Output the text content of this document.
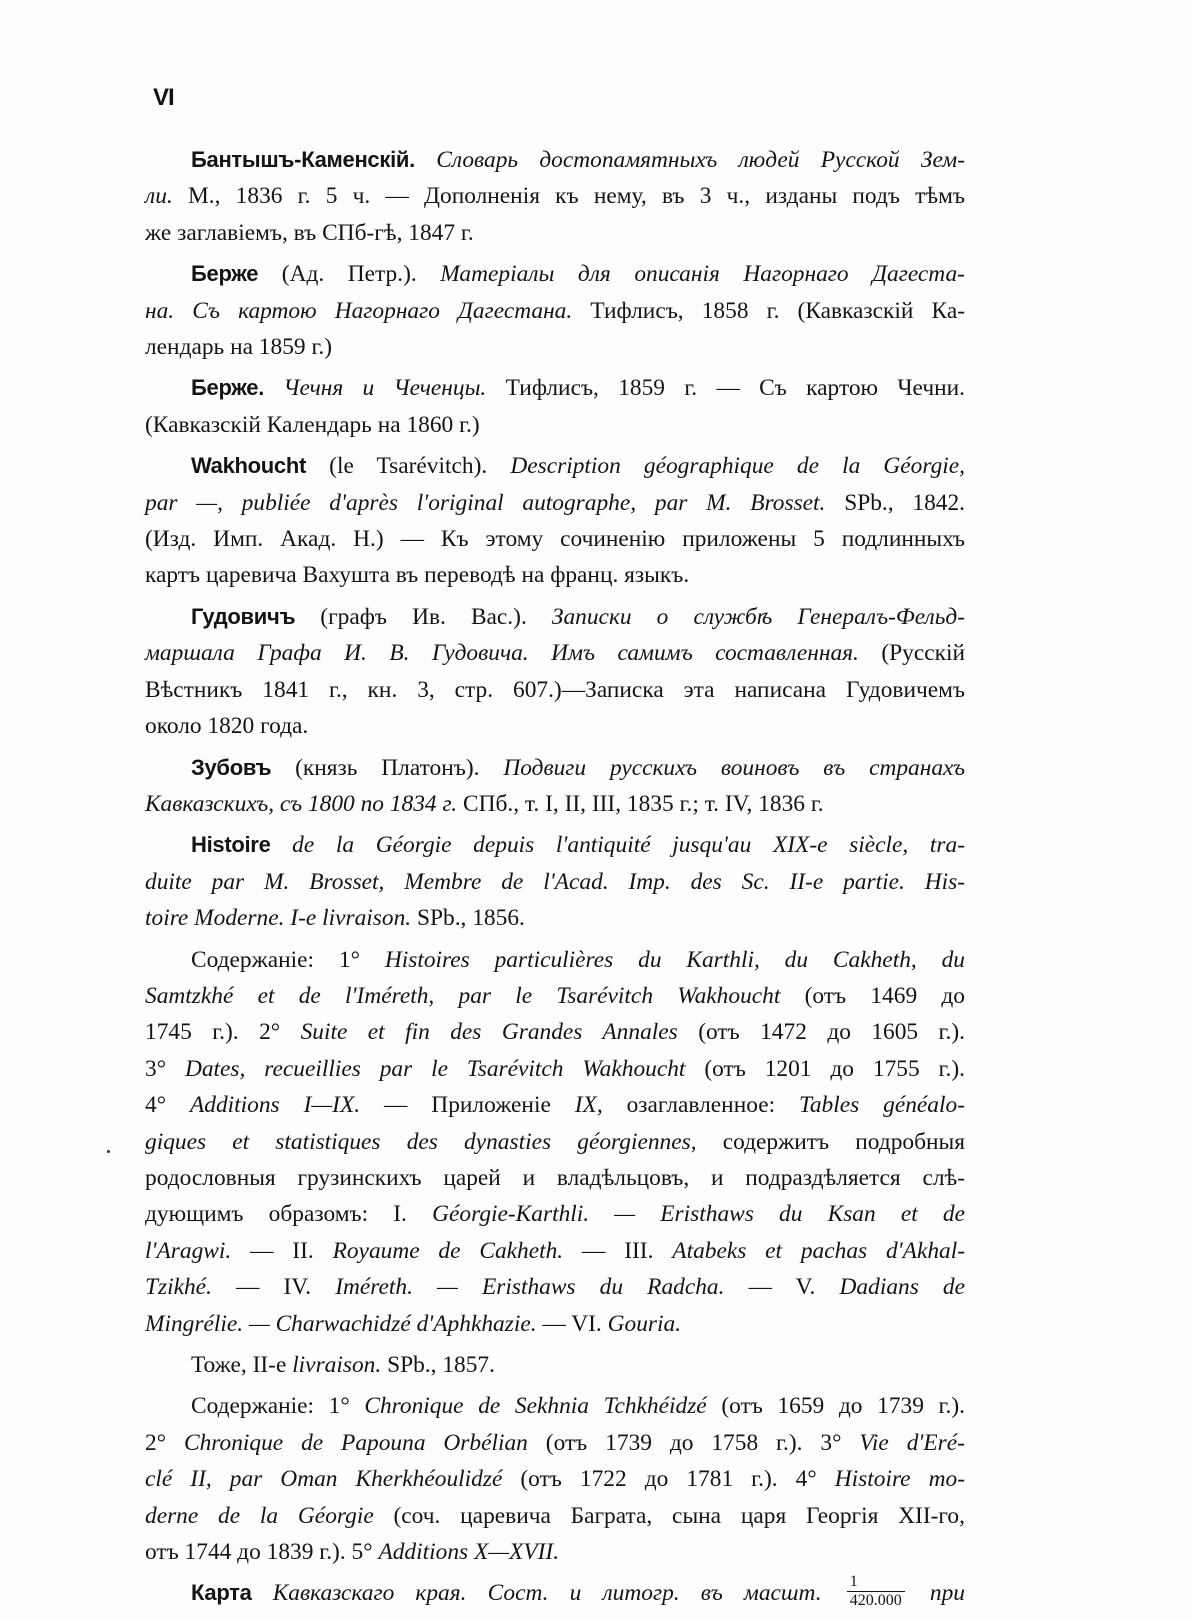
VI
Бантышъ-Каменскій. Словарь достопамятныхъ людей Русской Зем-
ли. М., 1836 г. 5 ч. — Дополненія къ нему, въ 3 ч., изданы подъ тѣмъ
же заглавіемъ, въ СПб-гѣ, 1847 г.
Берже (Ад. Петр.). Матеріалы для описанія Нагорнаго Дагеста-
на. Съ картою Нагорнаго Дагестана. Тифлисъ, 1858 г. (Кавказскій Ка-
лендарь на 1859 г.)
Берже. Чечня и Чеченцы. Тифлисъ, 1859 г. — Съ картою Чечни.
(Кавказскій Календарь на 1860 г.)
Wakhoucht (le Tsarévitch). Description géographique de la Géorgie,
par —, publiée d'après l'original autographe, par M. Brosset. SPb., 1842.
(Изд. Имп. Акад. Н.) — Къ этому сочиненію приложены 5 подлинныхъ
картъ царевича Вахушта въ переводѣ на франц. языкъ.
Гудовичъ (графъ Ив. Вас.). Записки о службѣ Генералъ-Фельд-
маршала Графа И. В. Гудовича. Имъ самимъ составленная. (Русскій
Вѣстникъ 1841 г., кн. 3, стр. 607.)—Записка эта написана Гудовичемъ
около 1820 года.
Зубовъ (князь Платонъ). Подвиги русскихъ воиновъ въ странахъ
Кавказскихъ, съ 1800 по 1834 г. СПб., т. I, II, III, 1835 г.; т. IV, 1836 г.
Histoire de la Géorgie depuis l'antiquité jusqu'au XIX-e siècle, tra-
duite par M. Brosset, Membre de l'Acad. Imp. des Sc. II-e partie. His-
toire Moderne. I-e livraison. SPb., 1856.
Содержаніе: 1° Histoires particulières du Karthli, du Cakheth, du
Samtzkhé et de l'Iméreth, par le Tsarévitch Wakhoucht (отъ 1469 до
1745 г.). 2° Suite et fin des Grandes Annales (отъ 1472 до 1605 г.).
3° Dates, recueillies par le Tsarévitch Wakhoucht (отъ 1201 до 1755 г.).
4° Additions I—IX. — Приложеніе IX, озаглавленное: Tables généalo-
giques et statistiques des dynasties géorgiennes, содержитъ подробныя
родословныя грузинскихъ царей и владѣльцовъ, и подраздѣляется слѣ-
дующимъ образомъ: I. Géorgie-Karthli. — Eristhaws du Ksan et de
l'Aragwi. — II. Royaume de Cakheth. — III. Atabeks et pachas d'Akhal-
Tzikhé. — IV. Iméreth. — Eristhaws du Radcha. — V. Dadians de
Mingrélie. — Charwachidzé d'Aphkhazie. — VI. Gouria.
Тоже, II-е livraison. SPb., 1857.
Содержаніе: 1° Chronique de Sekhnia Tchkhéidzé (отъ 1659 до 1739 г.).
2° Chronique de Papouna Orbélian (отъ 1739 до 1758 г.). 3° Vie d'Eré-
clé II, par Oman Kherkhéoulidzé (отъ 1722 до 1781 г.). 4° Histoire mo-
derne de la Géorgie (соч. царевича Баграта, сына царя Георгія XII-го,
отъ 1744 до 1839 г.). 5° Additions X—XVII.
Карта Кавказскаго края. Сост. и литогр. въ масшт. $\frac{1}{420.000}$ при
